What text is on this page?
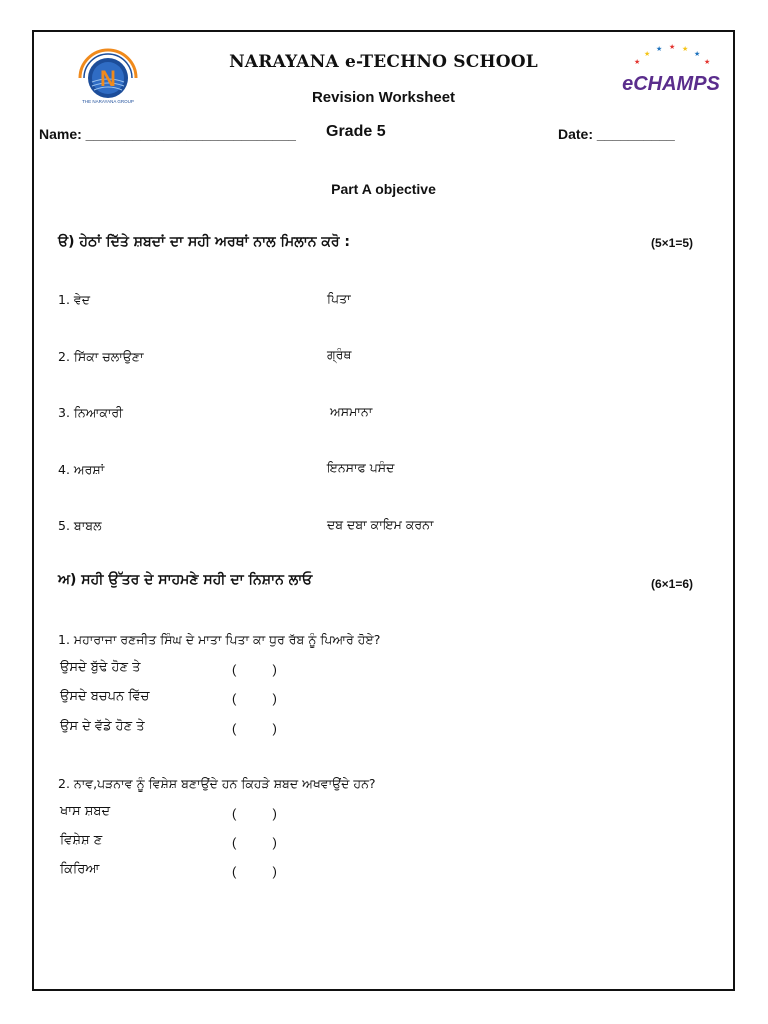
N
THE NARAYANA GROUP
★
★
★ ★ ★
★
★
eCHAMPS
NARAYANA e-TECHNO SCHOOL
Revision Worksheet
Name: ___________________________ Grade 5	Date: __________
Part A objective
ੳ) ਹੇਠਾਂ ਦਿੱਤੇ ਸ਼ਬਦਾਂ ਦਾ ਸਹੀ ਅਰਥਾਂ ਨਾਲ ਮਿਲਾਨ ਕਰੋ :	(5×1=5)
1. ਵੇਦ	ਪਿਤਾ
2. ਸਿੱਕਾ ਚਲਾਉਣਾ	ਗ੍ਰੰਥ
3. ਨਿਆਕਾਰੀ	ਅਸਮਾਨਾ
4. ਅਰਸ਼ਾਂ	ਇਨਸਾਫ ਪਸੰਦ
5. ਬਾਬਲ	ਦਬ ਦਬਾ ਕਾਇਮ ਕਰਨਾ
ਅ) ਸਹੀ ਉੱਤਰ ਦੇ ਸਾਹਮਣੇ ਸਹੀ ਦਾ ਨਿਸ਼ਾਨ ਲਾਓ	(6×1=6)
1. ਮਹਾਰਾਜਾ ਰਣਜੀਤ ਸਿੰਘ ਦੇ ਮਾਤਾ ਪਿਤਾ ਕਾ ਧੁਰ ਰੱਬ ਨੂੰ ਪਿਆਰੇ ਹੋਏ?
ਉਸਦੇ ਬੁੱਢੇ ਹੋਣ ਤੇ	(          )
ਉਸਦੇ ਬਚਪਨ ਵਿੱਚ	(          )
ਉਸ ਦੇ ਵੱਡੇ ਹੋਣ ਤੇ	(          )
2. ਨਾਵ,ਪੜਨਾਵ ਨੂੰ ਵਿਸ਼ੇਸ਼ ਬਣਾਉਂਦੇ ਹਨ ਕਿਹੜੇ ਸ਼ਬਦ ਅਖਵਾਉਂਦੇ ਹਨ?
ਖਾਸ ਸ਼ਬਦ	(          )
ਵਿਸ਼ੇਸ਼ ਣ	(          )
ਕਿਰਿਆ	(          )
